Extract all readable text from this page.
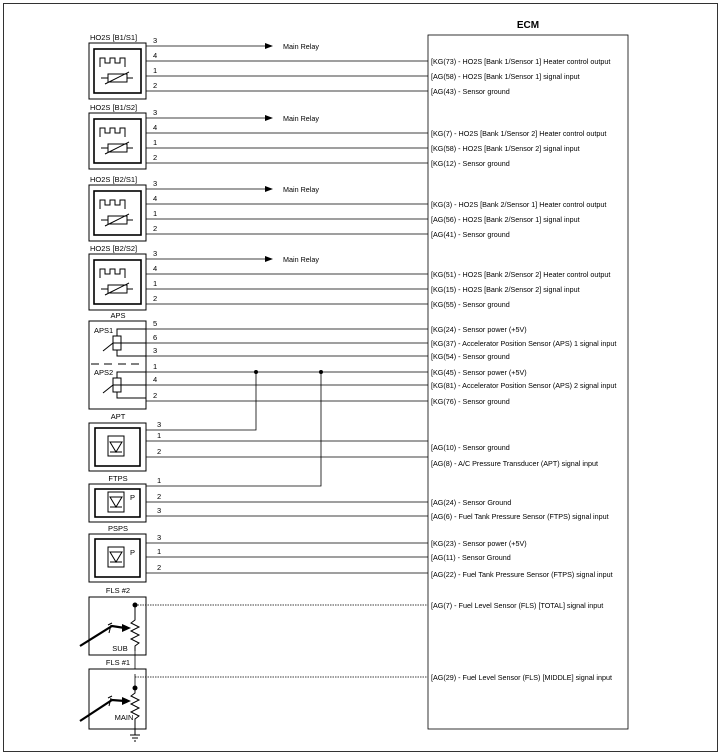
ECM
HO2S [B1/S1]
Main Relay
3
4
1
2
[KG(73) - HO2S [Bank 1/Sensor 1] Heater control output
[AG(58) - HO2S [Bank 1/Sensor 1] signal input
[AG(43) - Sensor ground
HO2S [B1/S2]
Main Relay
3
4
1
2
[KG(7) - HO2S [Bank 1/Sensor 2] Heater control output
[KG(58) - HO2S [Bank 1/Sensor 2] signal input
[KG(12) - Sensor ground
HO2S [B2/S1]
Main Relay
3
4
1
2
[KG(3) - HO2S [Bank 2/Sensor 1] Heater control output
[AG(56) - HO2S [Bank 2/Sensor 1] signal input
[AG(41) - Sensor ground
HO2S [B2/S2]
Main Relay
3
4
1
2
[KG(51) - HO2S [Bank 2/Sensor 2] Heater control output
[KG(15) - HO2S [Bank 2/Sensor 2] signal input
[KG(55) - Sensor ground
APS
APS1
APS2
5
6
3
1
4
2
[KG(24) - Sensor power (+5V)
[KG(37) - Accelerator Position Sensor (APS) 1 signal input
[KG(54) - Sensor ground
[KG(45) - Sensor power (+5V)
[KG(81) - Accelerator Position Sensor (APS) 2 signal input
[KG(76) - Sensor ground
APT
3
1
2	[AG(10) - Sensor ground
[AG(8) - A/C Pressure Transducer (APT) signal input
FTPS
P
1
2
3
[AG(24) - Sensor Ground
[AG(6) - Fuel Tank Pressure Sensor (FTPS) signal input
PSPS
P
3
1
2
[KG(23) - Sensor power (+5V)
[AG(11) - Sensor Ground
[AG(22) - Fuel Tank Pressure Sensor (FTPS) signal input
FLS #2
SUB
[AG(7) - Fuel Level Sensor (FLS) [TOTAL] signal input
FLS #1
MAIN
[AG(29) - Fuel Level Sensor (FLS) [MIDDLE] signal input
